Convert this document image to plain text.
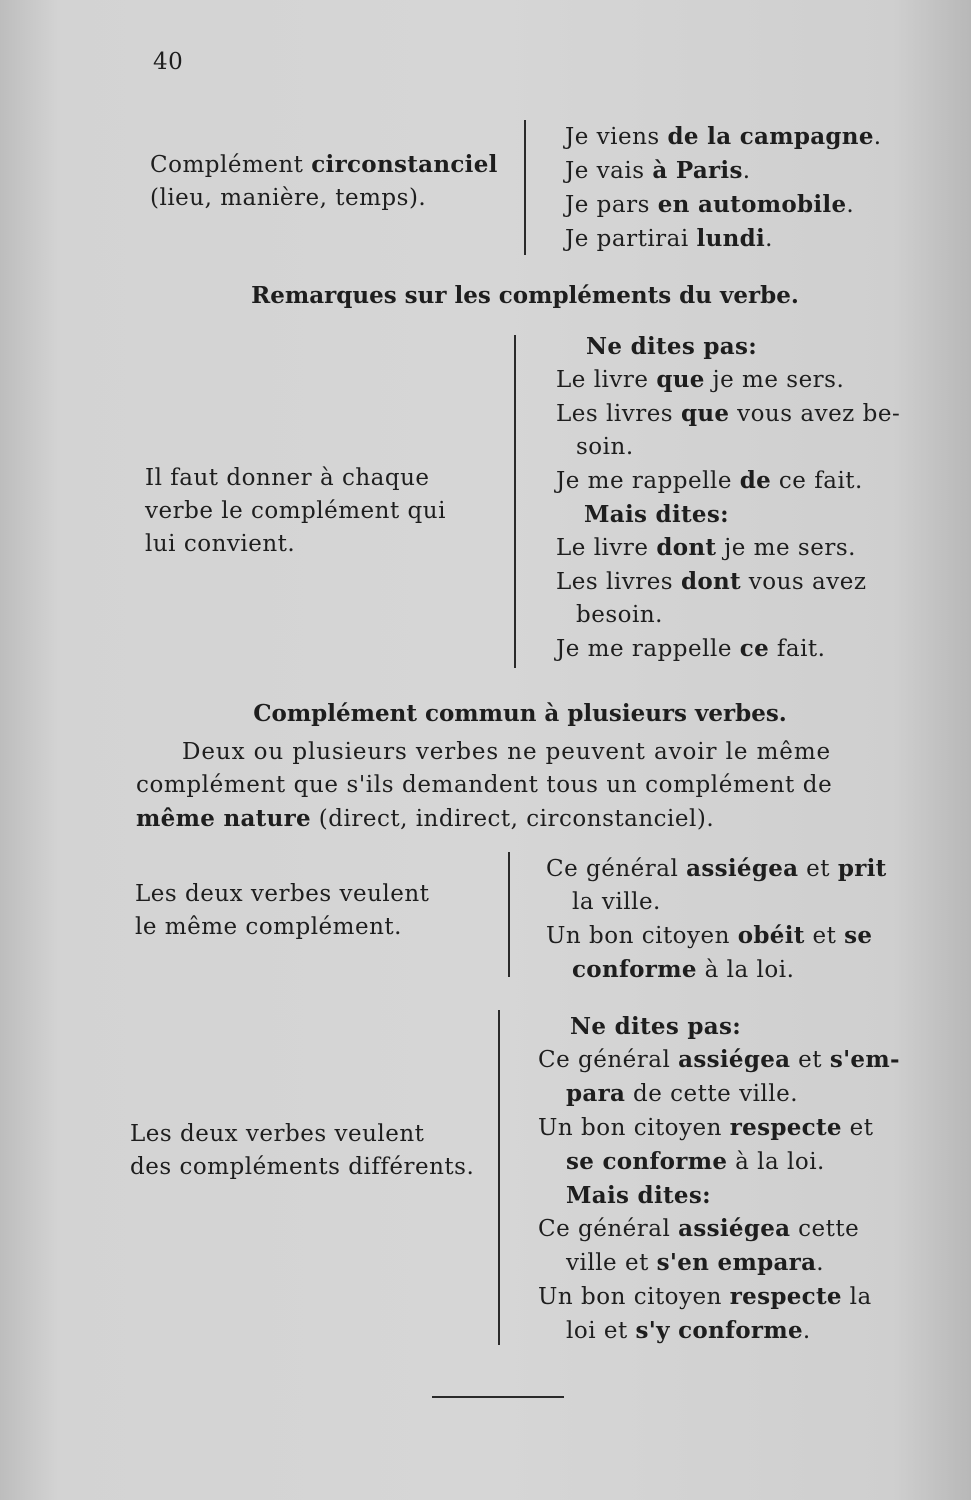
40
Complément circonstanciel
(lieu, manière, temps).
Je viens de la campagne.
Je vais à Paris.
Je pars en automobile.
Je partirai lundi.
Remarques sur les compléments du verbe.
Il faut donner à chaque
verbe le complément qui
lui convient.
Ne dites pas:
Le livre que je me sers.
Les livres que vous avez be-
soin.
Je me rappelle de ce fait.
Mais dites:
Le livre dont je me sers.
Les livres dont vous avez
besoin.
Je me rappelle ce fait.
Complément commun à plusieurs verbes.
Deux ou plusieurs verbes ne peuvent avoir le même
complément que s'ils demandent tous un complément de
même nature (direct, indirect, circonstanciel).
Les deux verbes veulent
le même complément.
Ce général assiégea et prit
la ville.
Un bon citoyen obéit et se
conforme à la loi.
Les deux verbes veulent
des compléments différents.
Ne dites pas:
Ce général assiégea et s'em-
para de cette ville.
Un bon citoyen respecte et
se conforme à la loi.
Mais dites:
Ce général assiégea cette
ville et s'en empara.
Un bon citoyen respecte la
loi et s'y conforme.
